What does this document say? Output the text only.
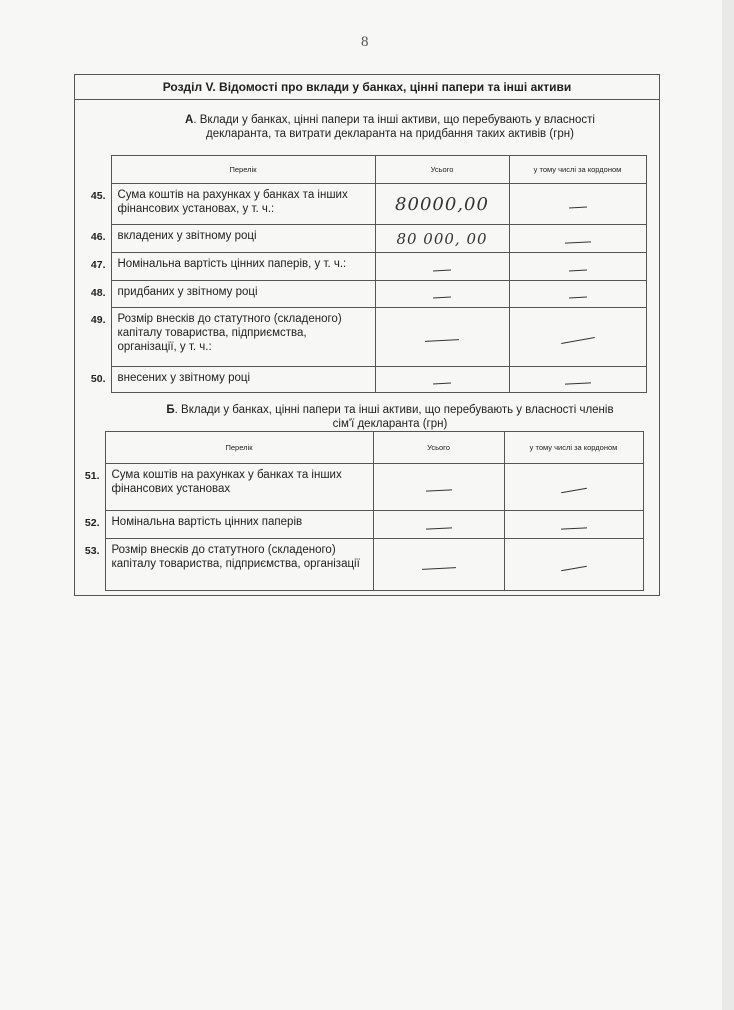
8
Розділ V. Відомості про вклади у банках, цінні папери та інші активи
А. Вклади у банках, цінні папери та інші активи, що перебувають у власності декларанта, та витрати декларанта на придбання таких активів (грн)
	Перелік	Усього	у тому числі за кордоном
45.	Сума коштів на рахунках у банках та інших фінансових установах, у т. ч.:	80000,00	
46.	вкладених у звітному році	80 000, 00	
47.	Номінальна вартість цінних паперів, у т. ч.:		
48.	придбаних у звітному році		
49.	Розмір внесків до статутного (складеного) капіталу товариства, підприємства, організації, у т. ч.:		
50.	внесених у звітному році		
Б. Вклади у банках, цінні папери та інші активи, що перебувають у власності членів сім'ї декларанта (грн)
	Перелік	Усього	у тому числі за кордоном
51.	Сума коштів на рахунках у банках та інших фінансових установах		
52.	Номінальна вартість цінних паперів		
53.	Розмір внесків до статутного (складеного) капіталу товариства, підприємства, організації		
